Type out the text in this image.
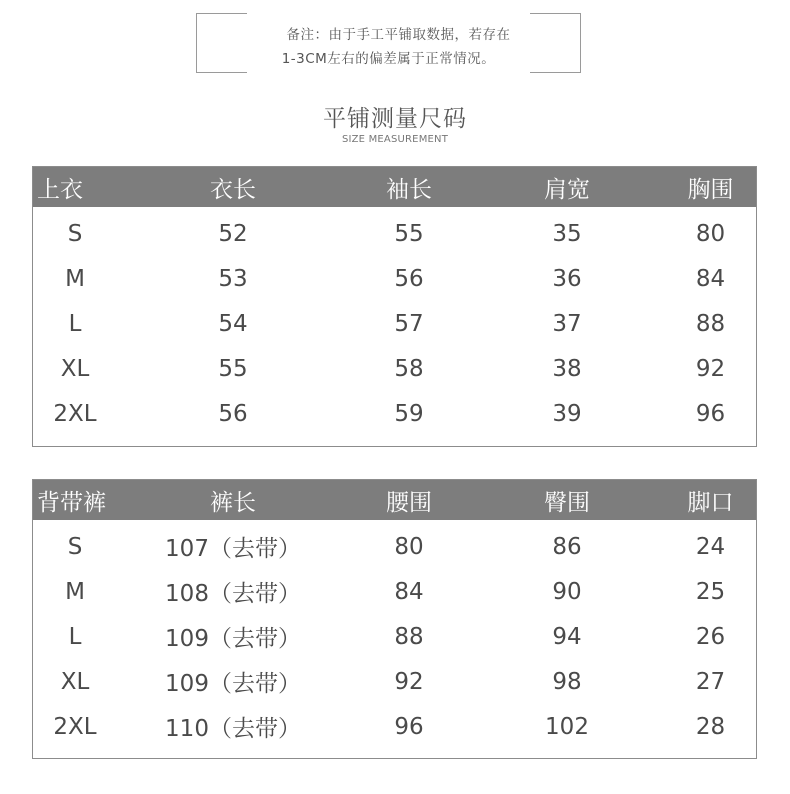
备注：由于手工平铺取数据，若存在
1-3CM左右的偏差属于正常情况。
平铺测量尺码
SIZE MEASUREMENT
上衣	衣长	袖长	肩宽	胸围
S	52	55	35	80
M	53	56	36	84
L	54	57	37	88
XL	55	58	38	92
2XL	56	59	39	96
背带裤	裤长	腰围	臀围	脚口
S	107（去带）	80	86	24
M	108（去带）	84	90	25
L	109（去带）	88	94	26
XL	109（去带）	92	98	27
2XL	110（去带）	96	102	28
